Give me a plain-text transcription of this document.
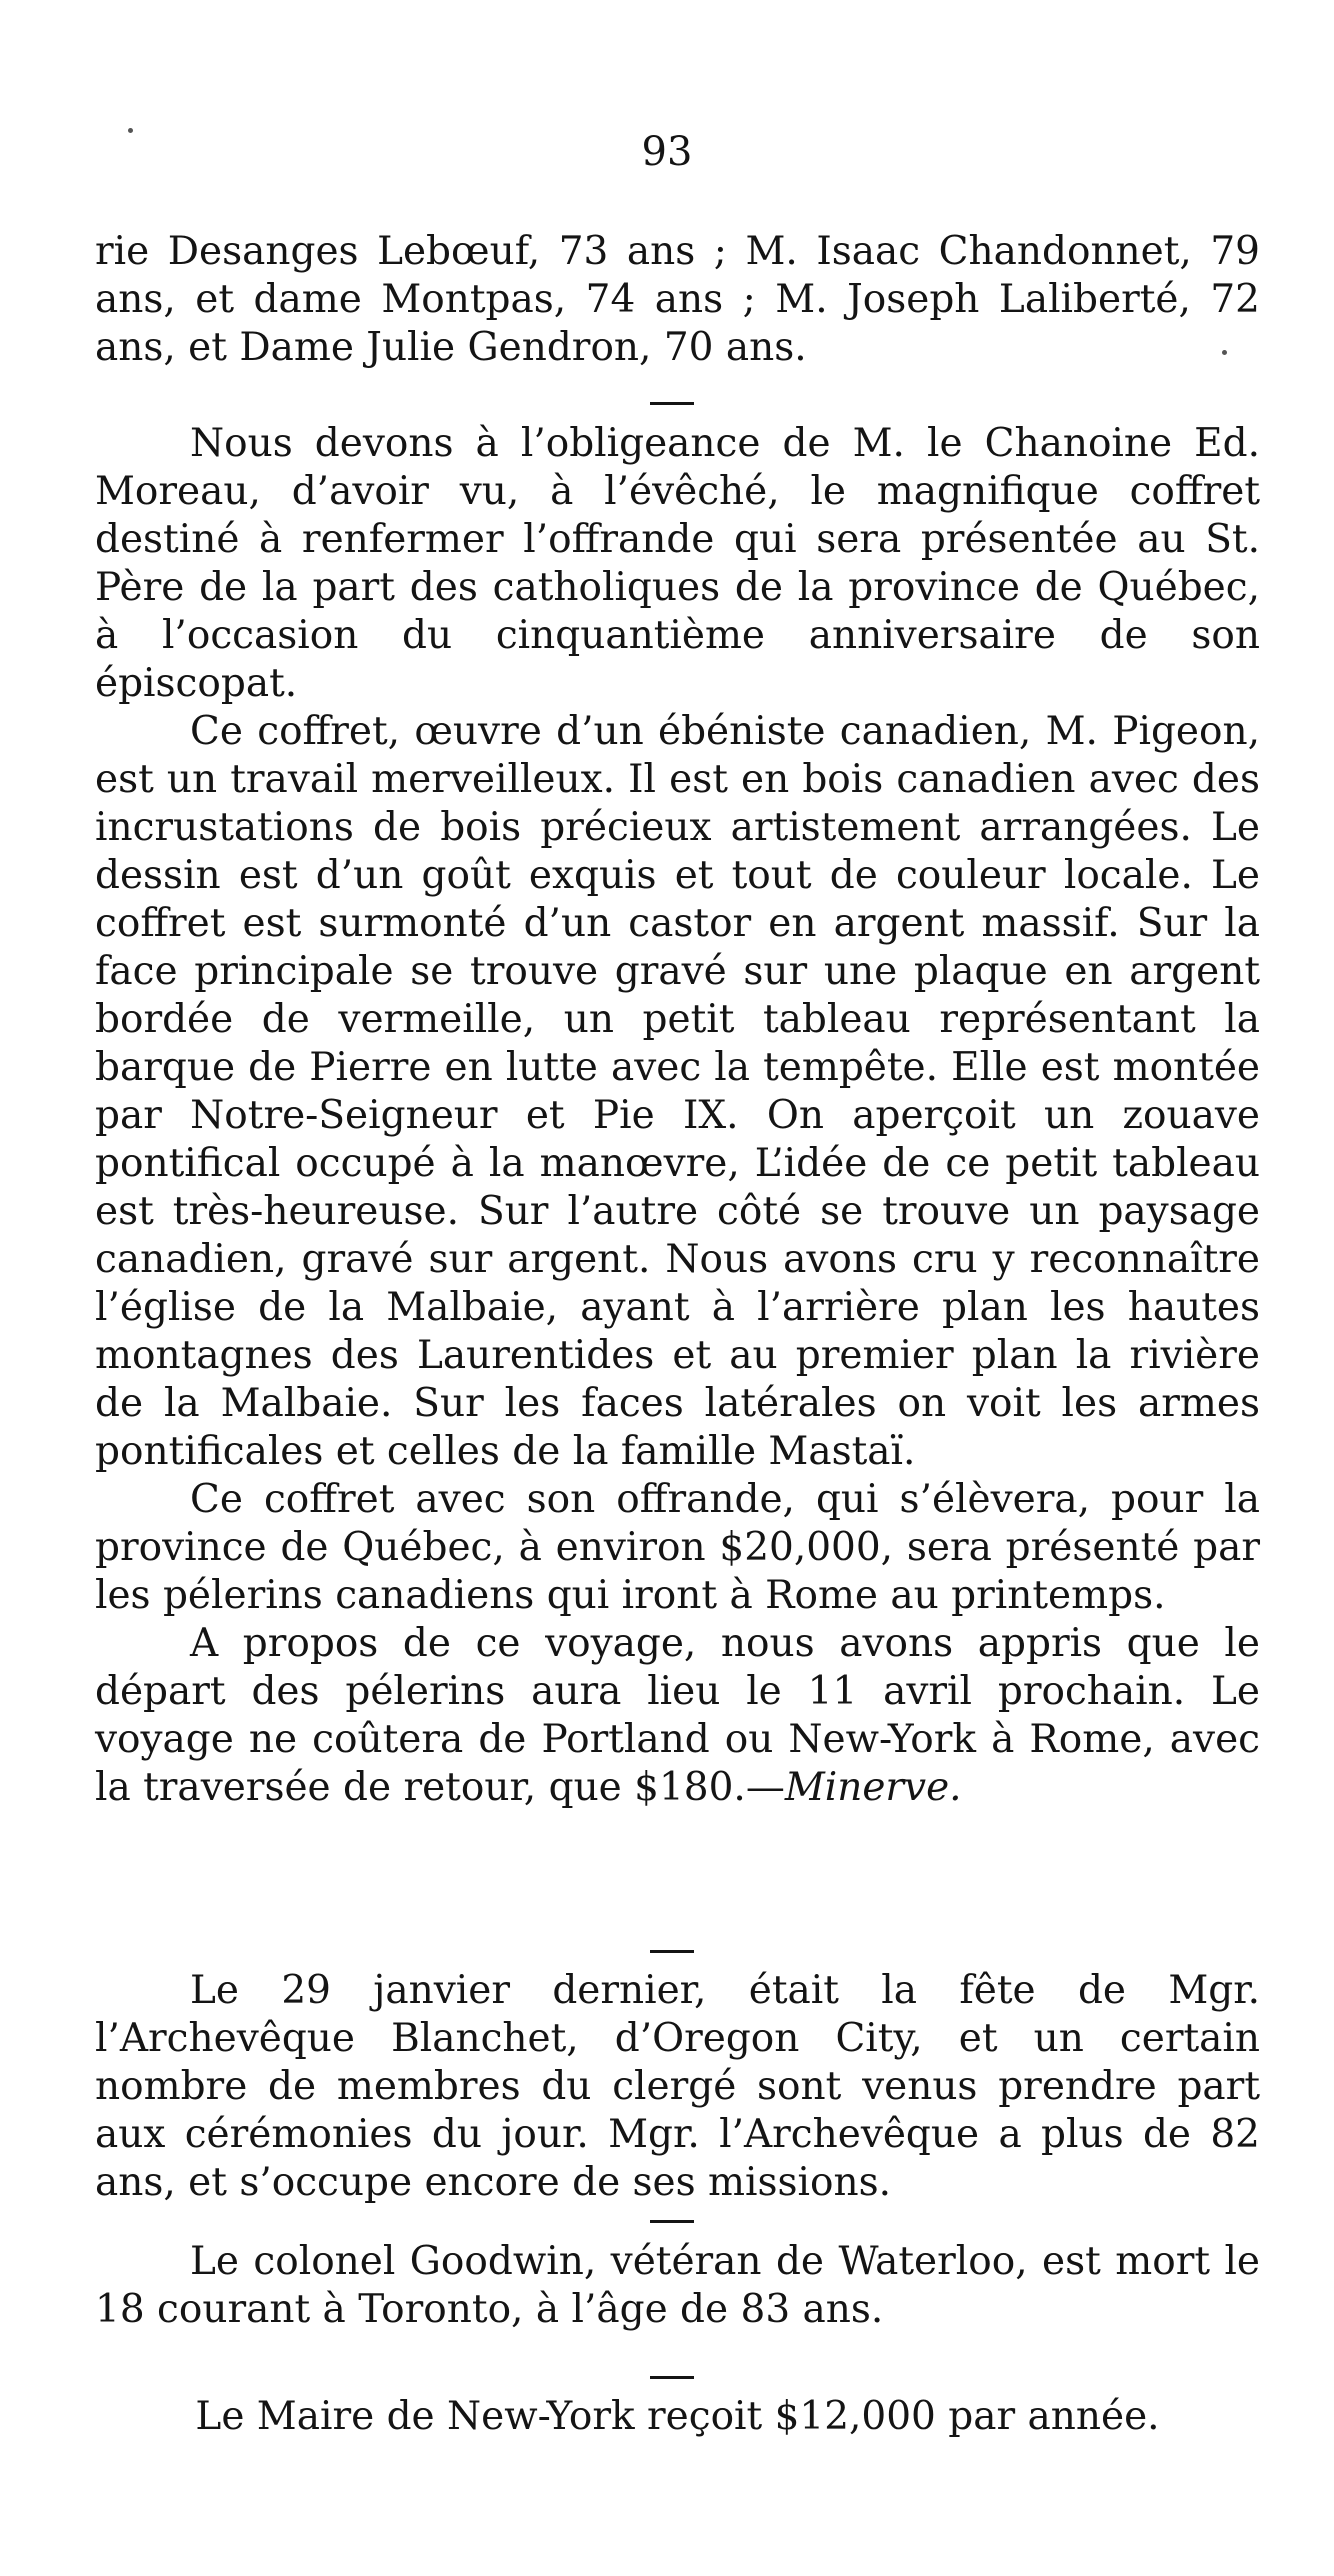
93

rie Desanges Lebœuf, 73 ans ; M. Isaac Chandonnet, 79 ans, et dame Montpas, 74 ans ; M. Joseph Laliberté, 72 ans, et Dame Julie Gendron, 70 ans.

Nous devons à l’obligeance de M. le Chanoine Ed. Moreau, d’avoir vu, à l’évêché, le magnifique coffret destiné à renfermer l’offrande qui sera présentée au St. Père de la part des catholiques de la province de Québec, à l’occasion du cinquantième anniversaire de son épiscopat.

Ce coffret, œuvre d’un ébéniste canadien, M. Pigeon, est un travail merveilleux. Il est en bois canadien avec des incrustations de bois précieux artistement arrangées. Le dessin est d’un goût exquis et tout de couleur locale. Le coffret est surmonté d’un castor en argent massif. Sur la face principale se trouve gravé sur une plaque en argent bordée de vermeille, un petit tableau représentant la barque de Pierre en lutte avec la tempête. Elle est montée par Notre-Seigneur et Pie IX. On aperçoit un zouave pontifical occupé à la manœvre, L’idée de ce petit tableau est très-heureuse. Sur l’autre côté se trouve un paysage canadien, gravé sur argent. Nous avons cru y reconnaître l’église de la Malbaie, ayant à l’arrière plan les hautes montagnes des Laurentides et au premier plan la rivière de la Malbaie. Sur les faces latérales on voit les armes pontificales et celles de la famille Mastaï.

Ce coffret avec son offrande, qui s’élèvera, pour la province de Québec, à environ $20,000, sera présenté par les pélerins canadiens qui iront à Rome au printemps.

A propos de ce voyage, nous avons appris que le départ des pélerins aura lieu le 11 avril prochain. Le voyage ne coûtera de Portland ou New-York à Rome, avec la traversée de retour, que $180.—Minerve.

Le 29 janvier dernier, était la fête de Mgr. l’Archevêque Blanchet, d’Oregon City, et un certain nombre de membres du clergé sont venus prendre part aux cérémonies du jour. Mgr. l’Archevêque a plus de 82 ans, et s’occupe encore de ses missions.

Le colonel Goodwin, vétéran de Waterloo, est mort le 18 courant à Toronto, à l’âge de 83 ans.

Le Maire de New-York reçoit $12,000 par année.
